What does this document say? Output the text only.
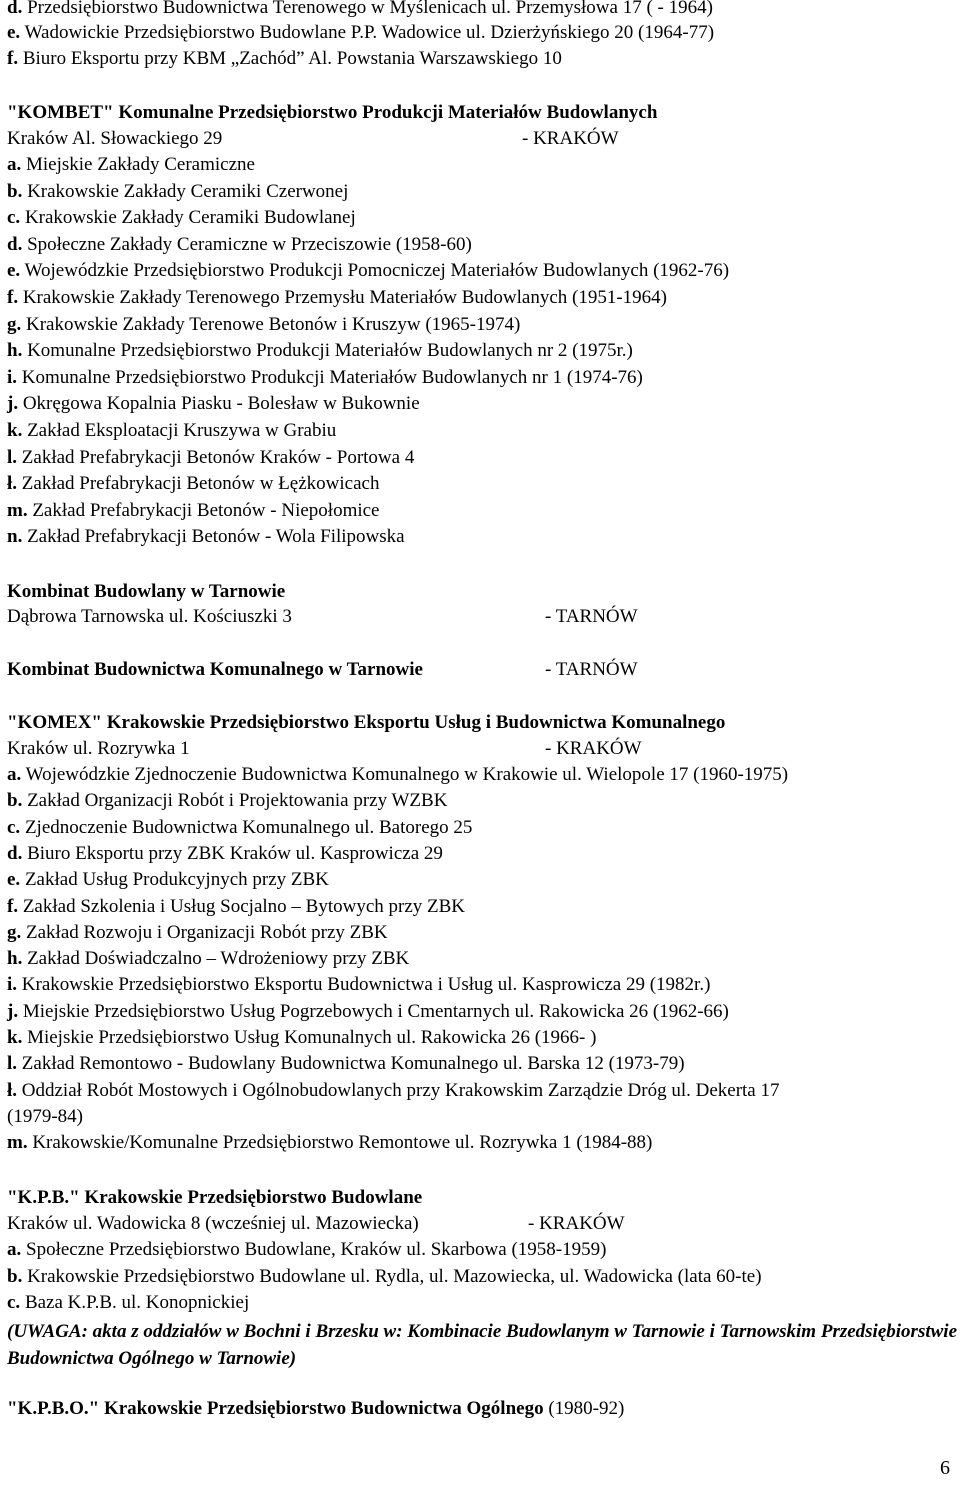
d. Przedsiębiorstwo Budownictwa Terenowego w Myślenicach ul. Przemysłowa 17 ( - 1964)
e. Wadowickie Przedsiębiorstwo Budowlane P.P. Wadowice ul. Dzierżyńskiego 20 (1964-77)
f. Biuro Eksportu przy KBM „Zachód” Al. Powstania Warszawskiego 10
"KOMBET" Komunalne Przedsiębiorstwo Produkcji Materiałów Budowlanych
Kraków Al. Słowackiego 29	- KRAKÓW
a. Miejskie Zakłady Ceramiczne
b. Krakowskie Zakłady Ceramiki Czerwonej
c. Krakowskie Zakłady Ceramiki Budowlanej
d. Społeczne Zakłady Ceramiczne w Przeciszowie (1958-60)
e. Wojewódzkie Przedsiębiorstwo Produkcji Pomocniczej Materiałów Budowlanych (1962-76)
f. Krakowskie Zakłady Terenowego Przemysłu Materiałów Budowlanych (1951-1964)
g. Krakowskie Zakłady Terenowe Betonów i Kruszyw (1965-1974)
h. Komunalne Przedsiębiorstwo Produkcji Materiałów Budowlanych nr 2 (1975r.)
i. Komunalne Przedsiębiorstwo Produkcji Materiałów Budowlanych nr 1 (1974-76)
j. Okręgowa Kopalnia Piasku - Bolesław w Bukownie
k. Zakład Eksploatacji Kruszywa w Grabiu
l. Zakład Prefabrykacji Betonów Kraków - Portowa 4
ł. Zakład Prefabrykacji Betonów w Łężkowicach
m. Zakład Prefabrykacji Betonów - Niepołomice
n. Zakład Prefabrykacji Betonów - Wola Filipowska
Kombinat Budowlany w Tarnowie
Dąbrowa Tarnowska ul. Kościuszki 3	- TARNÓW
Kombinat Budownictwa Komunalnego w Tarnowie	- TARNÓW
"KOMEX" Krakowskie Przedsiębiorstwo Eksportu Usług i Budownictwa Komunalnego
Kraków ul. Rozrywka 1	- KRAKÓW
a. Wojewódzkie Zjednoczenie Budownictwa Komunalnego w Krakowie ul. Wielopole 17 (1960-1975)
b. Zakład Organizacji Robót i Projektowania przy WZBK
c. Zjednoczenie Budownictwa Komunalnego ul. Batorego 25
d. Biuro Eksportu przy ZBK Kraków ul. Kasprowicza 29
e. Zakład Usług Produkcyjnych przy ZBK
f. Zakład Szkolenia i Usług Socjalno – Bytowych przy ZBK
g. Zakład Rozwoju i Organizacji Robót przy ZBK
h. Zakład Doświadczalno – Wdrożeniowy przy ZBK
i. Krakowskie Przedsiębiorstwo Eksportu Budownictwa i Usług ul. Kasprowicza 29 (1982r.)
j. Miejskie Przedsiębiorstwo Usług Pogrzebowych i Cmentarnych ul. Rakowicka 26 (1962-66)
k. Miejskie Przedsiębiorstwo Usług Komunalnych ul. Rakowicka 26 (1966- )
l. Zakład Remontowo - Budowlany Budownictwa Komunalnego ul. Barska 12 (1973-79)
ł. Oddział Robót Mostowych i Ogólnobudowlanych przy Krakowskim Zarządzie Dróg ul. Dekerta 17
(1979-84)
m. Krakowskie/Komunalne Przedsiębiorstwo Remontowe ul. Rozrywka 1 (1984-88)
"K.P.B." Krakowskie Przedsiębiorstwo Budowlane
Kraków ul. Wadowicka 8 (wcześniej ul. Mazowiecka)	- KRAKÓW
a. Społeczne Przedsiębiorstwo Budowlane, Kraków ul. Skarbowa (1958-1959)
b. Krakowskie Przedsiębiorstwo Budowlane ul. Rydla, ul. Mazowiecka, ul. Wadowicka (lata 60-te)
c. Baza K.P.B. ul. Konopnickiej
(UWAGA: akta z oddziałów w Bochni i Brzesku w: Kombinacie Budowlanym w Tarnowie i Tarnowskim Przedsiębiorstwie Budownictwa Ogólnego w Tarnowie)
"K.P.B.O." Krakowskie Przedsiębiorstwo Budownictwa Ogólnego (1980-92)
6
